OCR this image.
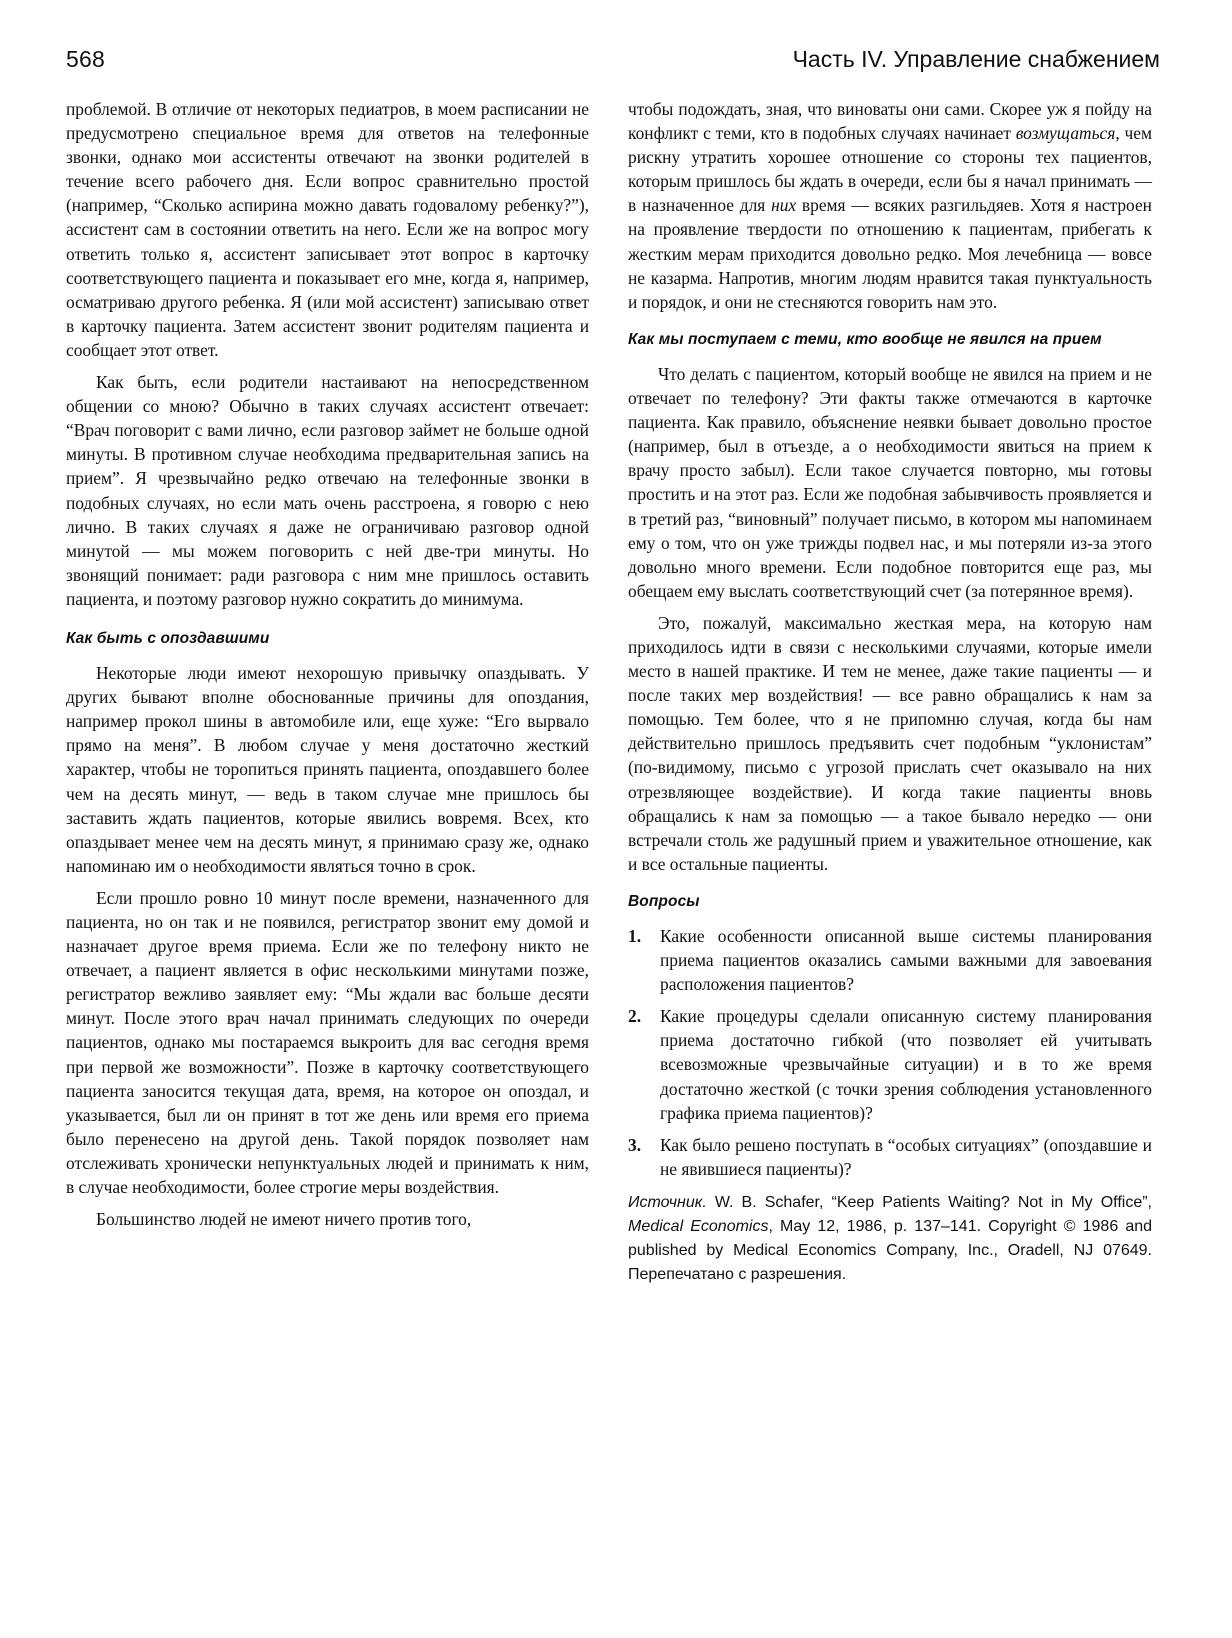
568	Часть IV. Управление снабжением

проблемой. В отличие от некоторых педиатров, в моем расписании не предусмотрено специальное время для ответов на телефонные звонки, однако мои ассистенты отвечают на звонки родителей в течение всего рабочего дня. Если вопрос сравнительно простой (например, “Сколько аспирина можно давать годовалому ребенку?”), ассистент сам в состоянии ответить на него. Если же на вопрос могу ответить только я, ассистент записывает этот вопрос в карточку соответствующего пациента и показывает его мне, когда я, например, осматриваю другого ребенка. Я (или мой ассистент) записываю ответ в карточку пациента. Затем ассистент звонит родителям пациента и сообщает этот ответ.

Как быть, если родители настаивают на непосредственном общении со мною? Обычно в таких случаях ассистент отвечает: “Врач поговорит с вами лично, если разговор займет не больше одной минуты. В противном случае необходима предварительная запись на прием”. Я чрезвычайно редко отвечаю на телефонные звонки в подобных случаях, но если мать очень расстроена, я говорю с нею лично. В таких случаях я даже не ограничиваю разговор одной минутой — мы можем поговорить с ней две-три минуты. Но звонящий понимает: ради разговора с ним мне пришлось оставить пациента, и поэтому разговор нужно сократить до минимума.

Как быть с опоздавшими

Некоторые люди имеют нехорошую привычку опаздывать. У других бывают вполне обоснованные причины для опоздания, например прокол шины в автомобиле или, еще хуже: “Его вырвало прямо на меня”. В любом случае у меня достаточно жесткий характер, чтобы не торопиться принять пациента, опоздавшего более чем на десять минут, — ведь в таком случае мне пришлось бы заставить ждать пациентов, которые явились вовремя. Всех, кто опаздывает менее чем на десять минут, я принимаю сразу же, однако напоминаю им о необходимости являться точно в срок.

Если прошло ровно 10 минут после времени, назначенного для пациента, но он так и не появился, регистратор звонит ему домой и назначает другое время приема. Если же по телефону никто не отвечает, а пациент является в офис несколькими минутами позже, регистратор вежливо заявляет ему: “Мы ждали вас больше десяти минут. После этого врач начал принимать следующих по очереди пациентов, однако мы постараемся выкроить для вас сегодня время при первой же возможности”. Позже в карточку соответствующего пациента заносится текущая дата, время, на которое он опоздал, и указывается, был ли он принят в тот же день или время его приема было перенесено на другой день. Такой порядок позволяет нам отслеживать хронически непунктуальных людей и принимать к ним, в случае необходимости, более строгие меры воздействия.

Большинство людей не имеют ничего против того,

чтобы подождать, зная, что виноваты они сами. Скорее уж я пойду на конфликт с теми, кто в подобных случаях начинает возмущаться, чем рискну утратить хорошее отношение со стороны тех пациентов, которым пришлось бы ждать в очереди, если бы я начал принимать — в назначенное для них время — всяких разгильдяев. Хотя я настроен на проявление твердости по отношению к пациентам, прибегать к жестким мерам приходится довольно редко. Моя лечебница — вовсе не казарма. Напротив, многим людям нравится такая пунктуальность и порядок, и они не стесняются говорить нам это.

Как мы поступаем с теми, кто вообще не явился на прием

Что делать с пациентом, который вообще не явился на прием и не отвечает по телефону? Эти факты также отмечаются в карточке пациента. Как правило, объяснение неявки бывает довольно простое (например, был в отъезде, а о необходимости явиться на прием к врачу просто забыл). Если такое случается повторно, мы готовы простить и на этот раз. Если же подобная забывчивость проявляется и в третий раз, “виновный” получает письмо, в котором мы напоминаем ему о том, что он уже трижды подвел нас, и мы потеряли из-за этого довольно много времени. Если подобное повторится еще раз, мы обещаем ему выслать соответствующий счет (за потерянное время).

Это, пожалуй, максимально жесткая мера, на которую нам приходилось идти в связи с несколькими случаями, которые имели место в нашей практике. И тем не менее, даже такие пациенты — и после таких мер воздействия! — все равно обращались к нам за помощью. Тем более, что я не припомню случая, когда бы нам действительно пришлось предъявить счет подобным “уклонистам” (по-видимому, письмо с угрозой прислать счет оказывало на них отрезвляющее воздействие). И когда такие пациенты вновь обращались к нам за помощью — а такое бывало нередко — они встречали столь же радушный прием и уважительное отношение, как и все остальные пациенты.

Вопросы
1. Какие особенности описанной выше системы планирования приема пациентов оказались самыми важными для завоевания расположения пациентов?
2. Какие процедуры сделали описанную систему планирования приема достаточно гибкой (что позволяет ей учитывать всевозможные чрезвычайные ситуации) и в то же время достаточно жесткой (с точки зрения соблюдения установленного графика приема пациентов)?
3. Как было решено поступать в “особых ситуациях” (опоздавшие и не явившиеся пациенты)?

Источник. W. B. Schafer, “Keep Patients Waiting? Not in My Office”, Medical Economics, May 12, 1986, p. 137–141. Copyright © 1986 and published by Medical Economics Company, Inc., Oradell, NJ 07649. Перепечатано с разрешения.
